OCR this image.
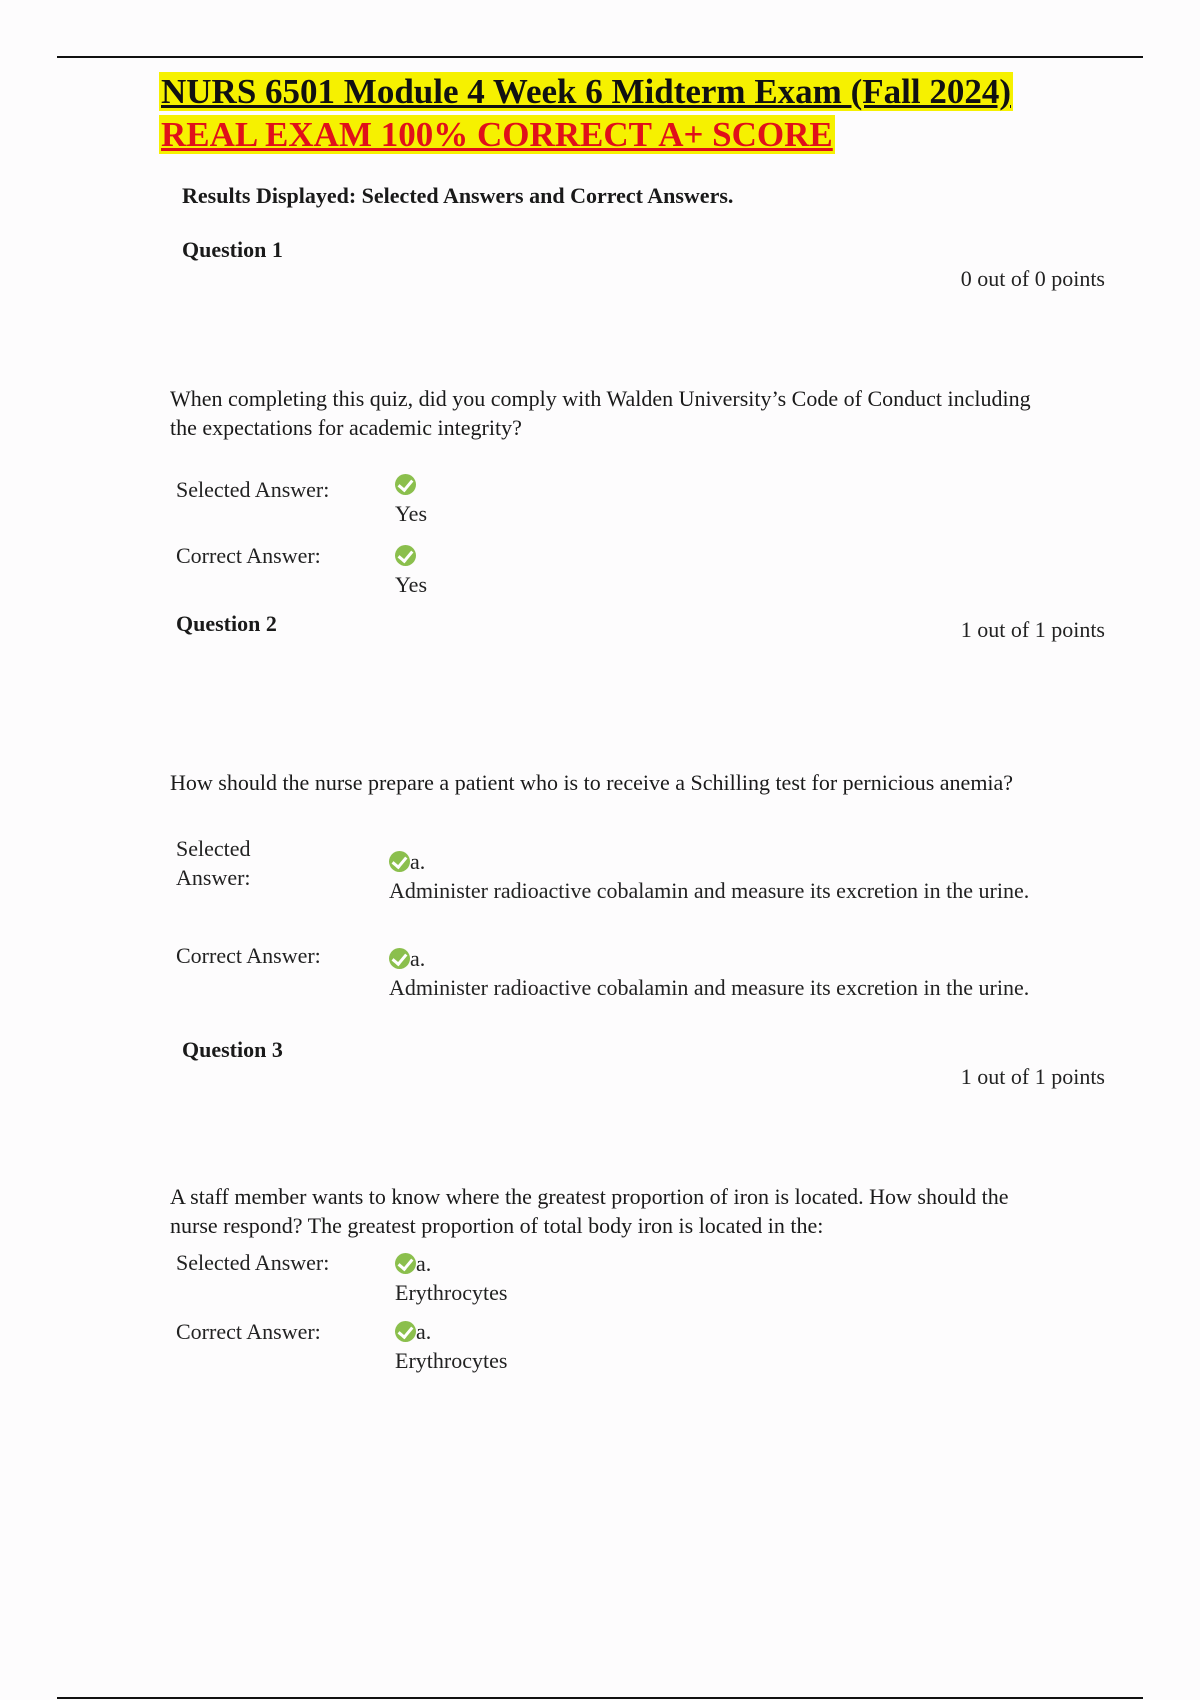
NURS 6501 Module 4 Week 6 Midterm Exam (Fall 2024)
REAL EXAM 100% CORRECT A+ SCORE
Results Displayed: Selected Answers and Correct Answers.
Question 1
0 out of 0 points
When completing this quiz, did you comply with Walden University’s Code of Conduct including the expectations for academic integrity?
Selected Answer:

Yes
Correct Answer:

Yes
Question 2	1 out of 1 points
How should the nurse prepare a patient who is to receive a Schilling test for pernicious anemia?
Selected
Answer:
a.
Administer radioactive cobalamin and measure its excretion in the urine.
Correct Answer:	a.
Administer radioactive cobalamin and measure its excretion in the urine.
Question 3
1 out of 1 points
A staff member wants to know where the greatest proportion of iron is located. How should the nurse respond? The greatest proportion of total body iron is located in the:
Selected Answer:	a.
Erythrocytes
Correct Answer:	a.
Erythrocytes
